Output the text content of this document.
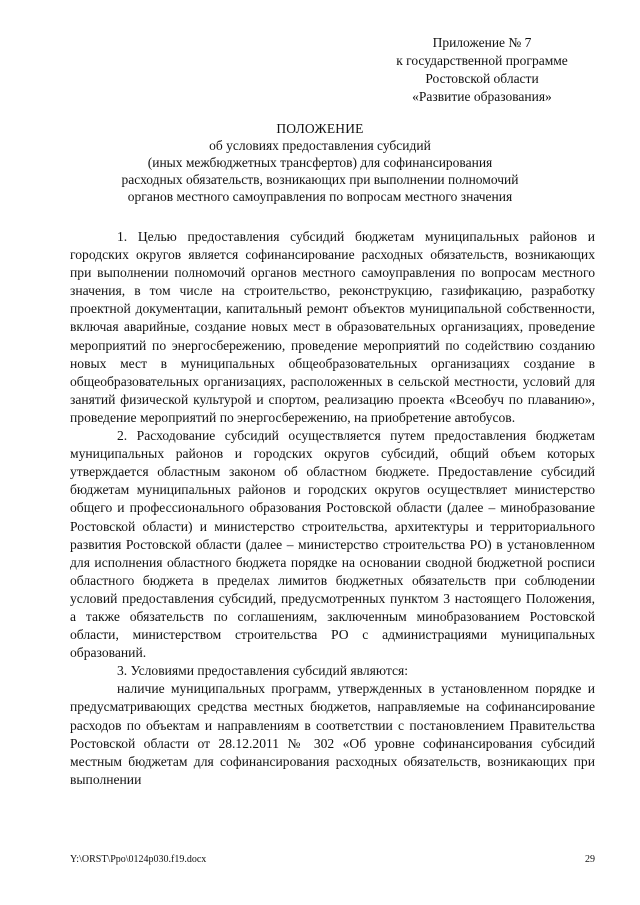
Приложение № 7
к государственной программе
Ростовской области
«Развитие образования»
ПОЛОЖЕНИЕ
об условиях предоставления субсидий
(иных межбюджетных трансфертов) для софинансирования
расходных обязательств, возникающих при выполнении полномочий
органов местного самоуправления по вопросам местного значения

1. Целью предоставления субсидий бюджетам муниципальных районов и городских округов является софинансирование расходных обязательств, возникающих при выполнении полномочий органов местного самоуправления по вопросам местного значения, в том числе на строительство, реконструкцию, газификацию, разработку проектной документации, капитальный ремонт объектов муниципальной собственности, включая аварийные, создание новых мест в образовательных организациях, проведение мероприятий по энергосбережению, проведение мероприятий по содействию созданию новых мест в муниципальных общеобразовательных организациях создание в общеобразовательных организациях, расположенных в сельской местности, условий для занятий физической культурой и спортом, реализацию проекта «Всеобуч по плаванию», проведение мероприятий по энергосбережению, на приобретение автобусов.

2. Расходование субсидий осуществляется путем предоставления бюджетам муниципальных районов и городских округов субсидий, общий объем которых утверждается областным законом об областном бюджете. Предоставление субсидий бюджетам муниципальных районов и городских округов осуществляет министерство общего и профессионального образования Ростовской области (далее – минобразование Ростовской области) и министерство строительства, архитектуры и территориального развития Ростовской области (далее – министерство строительства РО) в установленном для исполнения областного бюджета порядке на основании сводной бюджетной росписи областного бюджета в пределах лимитов бюджетных обязательств при соблюдении условий предоставления субсидий, предусмотренных пунктом 3 настоящего Положения, а также обязательств по соглашениям, заключенным минобразованием Ростовской области, министерством строительства РО с администрациями муниципальных образований.

3. Условиями предоставления субсидий являются:

наличие муниципальных программ, утвержденных в установленном порядке и предусматривающих средства местных бюджетов, направляемые на софинансирование расходов по объектам и направлениям в соответствии с постановлением Правительства Ростовской области от 28.12.2011 № 302 «Об уровне софинансирования субсидий местным бюджетам для софинансирования расходных обязательств, возникающих при выполнении

Y:\ORST\Ppo\0124p030.f19.docx	29
